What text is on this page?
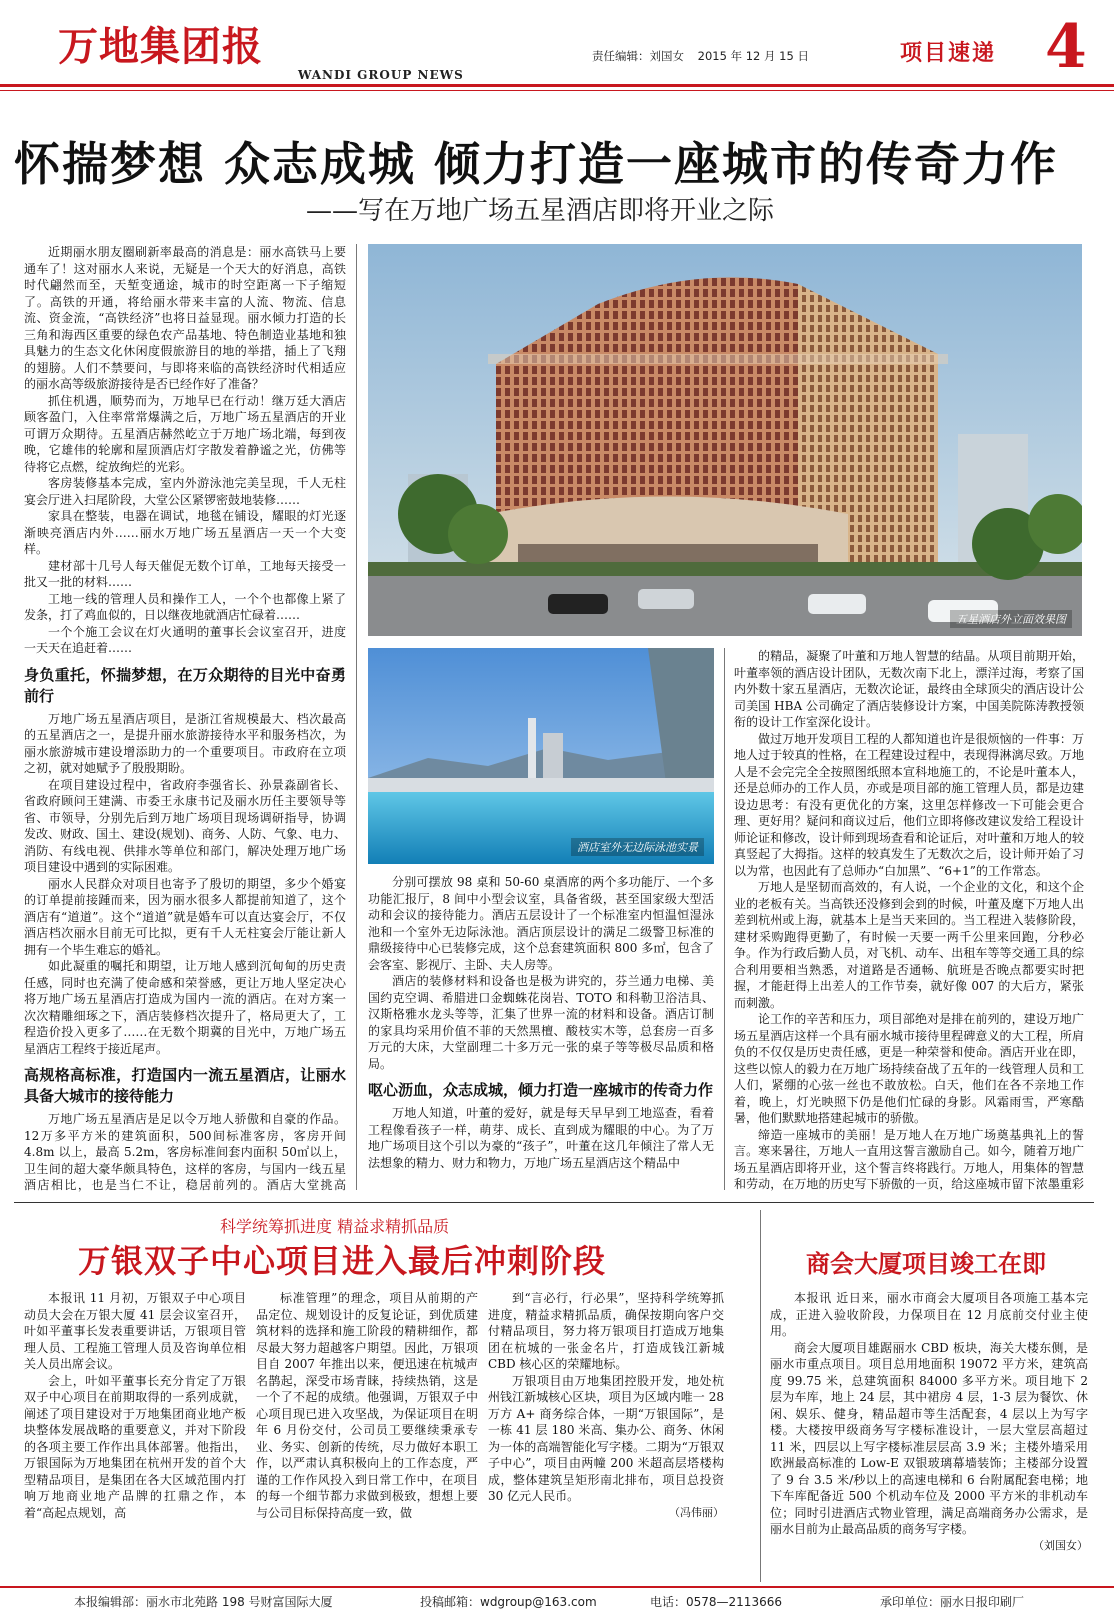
万地集团报
WANDI GROUP NEWS
责任编辑：刘国女 2015 年 12 月 15 日	项目速递 4
怀揣梦想 众志成城 倾力打造一座城市的传奇力作
——写在万地广场五星酒店即将开业之际

近期丽水朋友圈刷新率最高的消息是：丽水高铁马上要通车了！这对丽水人来说，无疑是一个天大的好消息，高铁时代翩然而至，天堑变通途，城市的时空距离一下子缩短了。高铁的开通，将给丽水带来丰富的人流、物流、信息流、资金流，“高铁经济”也将日益显现。丽水倾力打造的长三角和海西区重要的绿色农产品基地、特色制造业基地和独具魅力的生态文化休闲度假旅游目的地的举措，插上了飞翔的翅膀。人们不禁要问，与即将来临的高铁经济时代相适应的丽水高等级旅游接待是否已经作好了准备？

抓住机遇，顺势而为，万地早已在行动！继万廷大酒店顾客盈门，入住率常常爆满之后，万地广场五星酒店的开业可谓万众期待。五星酒店赫然屹立于万地广场北端，每到夜晚，它雄伟的轮廓和屋顶酒店灯字散发着静谧之光，仿佛等待将它点燃，绽放绚烂的光彩。

客房装修基本完成，室内外游泳池完美呈现，千人无柱宴会厅进入扫尾阶段，大堂公区紧锣密鼓地装修……

家具在整装，电器在调试，地毯在铺设，耀眼的灯光逐渐映亮酒店内外……丽水万地广场五星酒店一天一个大变样。

建材部十几号人每天催促无数个订单，工地每天接受一批又一批的材料……

工地一线的管理人员和操作工人，一个个也都像上紧了发条，打了鸡血似的，日以继夜地就酒店忙碌着……

一个个施工会议在灯火通明的董事长会议室召开，进度一天天在追赶着……

身负重托，怀揣梦想，在万众期待的目光中奋勇前行

万地广场五星酒店项目，是浙江省规模最大、档次最高的五星酒店之一，是提升丽水旅游接待水平和服务档次，为丽水旅游城市建设增添助力的一个重要项目。市政府在立项之初，就对她赋予了殷殷期盼。

在项目建设过程中，省政府李强省长、孙景淼副省长、省政府顾问王建满、市委王永康书记及丽水历任主要领导等省、市领导，分别先后到万地广场项目现场调研指导，协调发改、财政、国土、建设(规划)、商务、人防、气象、电力、消防、有线电视、供排水等单位和部门，解决处理万地广场项目建设中遇到的实际困难。

丽水人民群众对项目也寄予了殷切的期望，多少个婚宴的订单提前接踵而来，因为丽水很多人都提前知道了，这个酒店有“道道”。这个“道道”就是婚车可以直达宴会厅，不仅酒店档次丽水目前无可比拟，更有千人无柱宴会厅能让新人拥有一个毕生难忘的婚礼。

如此凝重的嘱托和期望，让万地人感到沉甸甸的历史责任感，同时也充满了使命感和荣誉感，更让万地人坚定决心将万地广场五星酒店打造成为国内一流的酒店。在对方案一次次精雕细琢之下，酒店装修档次提升了，格局更大了，工程造价投入更多了……在无数个期冀的目光中，万地广场五星酒店工程终于接近尾声。

高规格高标准，打造国内一流五星酒店，让丽水具备大城市的接待能力

万地广场五星酒店是足以令万地人骄傲和自豪的作品。12万多平方米的建筑面积，500间标准客房，客房开间 4.8m 以上，最高 5.2m，客房标准间套内面积 50㎡以上，卫生间的超大豪华颇具特色，这样的客房，与国内一线五星酒店相比，也是当仁不让，稳居前列的。酒店大堂挑高

五星酒店外立面效果图
酒店室外无边际泳池实景

分别可摆放 98 桌和 50-60 桌酒席的两个多功能厅、一个多功能汇报厅，8 间中小型会议室，具备省级，甚至国家级大型活动和会议的接待能力。酒店五层设计了一个标准室内恒温恒湿泳池和一个室外无边际泳池。酒店顶层设计的满足二级警卫标准的鼎级接待中心已装修完成，这个总套建筑面积 800 多㎡，包含了会客室、影视厅、主卧、夫人房等。

酒店的装修材料和设备也是极为讲究的，芬兰通力电梯、美国约克空调、希腊进口金蜘蛛花岗岩、TOTO 和科勒卫浴洁具、汉斯格雅水龙头等等，汇集了世界一流的材料和设备。酒店订制的家具均采用价值不菲的天然黑檀、酸枝实木等，总套房一百多万元的大床，大堂副理二十多万元一张的桌子等等极尽品质和格局。

呕心沥血，众志成城，倾力打造一座城市的传奇力作

万地人知道，叶董的爱好，就是每天早早到工地巡查，看着工程像看孩子一样，萌芽、成长、直到成为耀眼的中心。为了万地广场项目这个引以为豪的“孩子”，叶董在这几年倾注了常人无法想象的精力、财力和物力，万地广场五星酒店这个精品中

的精品，凝聚了叶董和万地人智慧的结晶。从项目前期开始，叶董率领的酒店设计团队，无数次南下北上，漂洋过海，考察了国内外数十家五星酒店，无数次论证，最终由全球顶尖的酒店设计公司美国 HBA 公司确定了酒店装修设计方案，中国美院陈涛教授领衔的设计工作室深化设计。

做过万地开发项目工程的人都知道也许是很烦恼的一件事：万地人过于较真的性格，在工程建设过程中，表现得淋漓尽致。万地人是不会完完全全按照图纸照本宣科地施工的，不论是叶董本人，还是总师办的工作人员，亦或是项目部的施工管理人员，都是边建设边思考：有没有更优化的方案，这里怎样修改一下可能会更合理、更好用？疑问和商议过后，他们立即将修改建议发给工程设计师论证和修改，设计师到现场查看和论证后，对叶董和万地人的较真竖起了大拇指。这样的较真发生了无数次之后，设计师开始了习以为常，也因此有了总师办“白加黑”、“6+1”的工作常态。

万地人是坚韧而高效的，有人说，一个企业的文化，和这个企业的老板有关。当高铁还没修到会到的时候，叶董及麾下万地人出差到杭州或上海，就基本上是当天来回的。当工程进入装修阶段，建材采购跑得更勤了，有时候一天要一两千公里来回跑，分秒必争。作为行政后勤人员，对飞机、动车、出租车等等交通工具的综合利用要相当熟悉，对道路是否通畅、航班是否晚点都要实时把握，才能赶得上出差人的工作节奏，就好像 007 的大后方，紧张而刺激。

论工作的辛苦和压力，项目部绝对是排在前列的，建设万地广场五星酒店这样一个具有丽水城市接待里程碑意义的大工程，所肩负的不仅仅是历史责任感，更是一种荣誉和使命。酒店开业在即，这些以惊人的毅力在万地广场持续奋战了五年的一线管理人员和工人们，紧绷的心弦一丝也不敢放松。白天，他们在各不亲地工作着，晚上，灯光映照下仍是他们忙碌的身影。风霜雨雪，严寒酷暑，他们默默地搭建起城市的骄傲。

缔造一座城市的美丽！是万地人在万地广场奠基典礼上的誓言。寒来暑往，万地人一直用这誓言激励自己。如今，随着万地广场五星酒店即将开业，这个誓言终将践行。万地人，用集体的智慧和劳动，在万地的历史写下骄傲的一页，给这座城市留下浓墨重彩

科学统筹抓进度 精益求精抓品质
万银双子中心项目进入最后冲刺阶段

本报讯 11 月初，万银双子中心项目动员大会在万银大厦 41 层会议室召开，叶如平董事长发表重要讲话，万银项目管理人员、工程施工管理人员及咨询单位相关人员出席会议。

会上，叶如平董事长充分肯定了万银双子中心项目在前期取得的一系列成就，阐述了项目建设对于万地集团商业地产板块整体发展战略的重要意义，并对下阶段的各项主要工作作出具体部署。他指出，万银国际为万地集团在杭州开发的首个大型精品项目，是集团在各大区域范围内打响万地商业地产品牌的扛鼎之作，本着“高起点规划，高

标准管理”的理念，项目从前期的产品定位、规划设计的反复论证，到优质建筑材料的选择和施工阶段的精耕细作，都尽最大努力超越客户期望。因此，万银项目自 2007 年推出以来，便迅速在杭城声名鹊起，深受市场青睐，持续热销，这是一个了不起的成绩。他强调，万银双子中心项目现已进入攻坚战，为保证项目在明年 6 月份交付，公司员工要继续秉承专业、务实、创新的传统，尽力做好本职工作，以严肃认真积极向上的工作态度，严谨的工作作风投入到日常工作中，在项目的每一个细节都力求做到极致，想想上要与公司目标保持高度一致，做

到“言必行，行必果”，坚持科学统筹抓进度，精益求精抓品质，确保按期向客户交付精品项目，努力将万银项目打造成万地集团在杭城的一张金名片，打造成钱江新城 CBD 核心区的荣耀地标。

万银项目由万地集团控股开发，地处杭州钱江新城核心区块，项目为区域内唯一 28 万方 A+ 商务综合体，一期“万银国际”，是一栋 41 层 180 米高、集办公、商务、休闲为一体的高端智能化写字楼。二期为“万银双子中心”，项目由两幢 200 米超高层塔楼构成，整体建筑呈矩形南北排布，项目总投资 30 亿元人民币。

（冯伟丽）

商会大厦项目竣工在即

本报讯 近日来，丽水市商会大厦项目各项施工基本完成，正进入验收阶段，力保项目在 12 月底前交付业主使用。

商会大厦项目雄踞丽水 CBD 板块，海关大楼东侧，是丽水市重点项目。项目总用地面积 19072 平方米，建筑高度 99.75 米，总建筑面积 84000 多平方米。项目地下 2 层为车库，地上 24 层，其中裙房 4 层，1-3 层为餐饮、休闲、娱乐、健身，精品超市等生活配套，4 层以上为写字楼。大楼按甲级商务写字楼标准设计，一层大堂层高超过 11 米，四层以上写字楼标准层层高 3.9 米；主楼外墙采用欧洲最高标准的 Low-E 双银玻璃幕墙装饰；主楼部分设置了 9 台 3.5 米/秒以上的高速电梯和 6 台附属配套电梯；地下车库配备近 500 个机动车位及 2000 平方米的非机动车位；同时引进酒店式物业管理，满足高端商务办公需求，是丽水目前为止最高品质的商务写字楼。

（刘国女）

本报编辑部：丽水市北苑路 198 号财富国际大厦	投稿邮箱：wdgroup@163.com	电话：0578—2113666	承印单位：丽水日报印刷厂
